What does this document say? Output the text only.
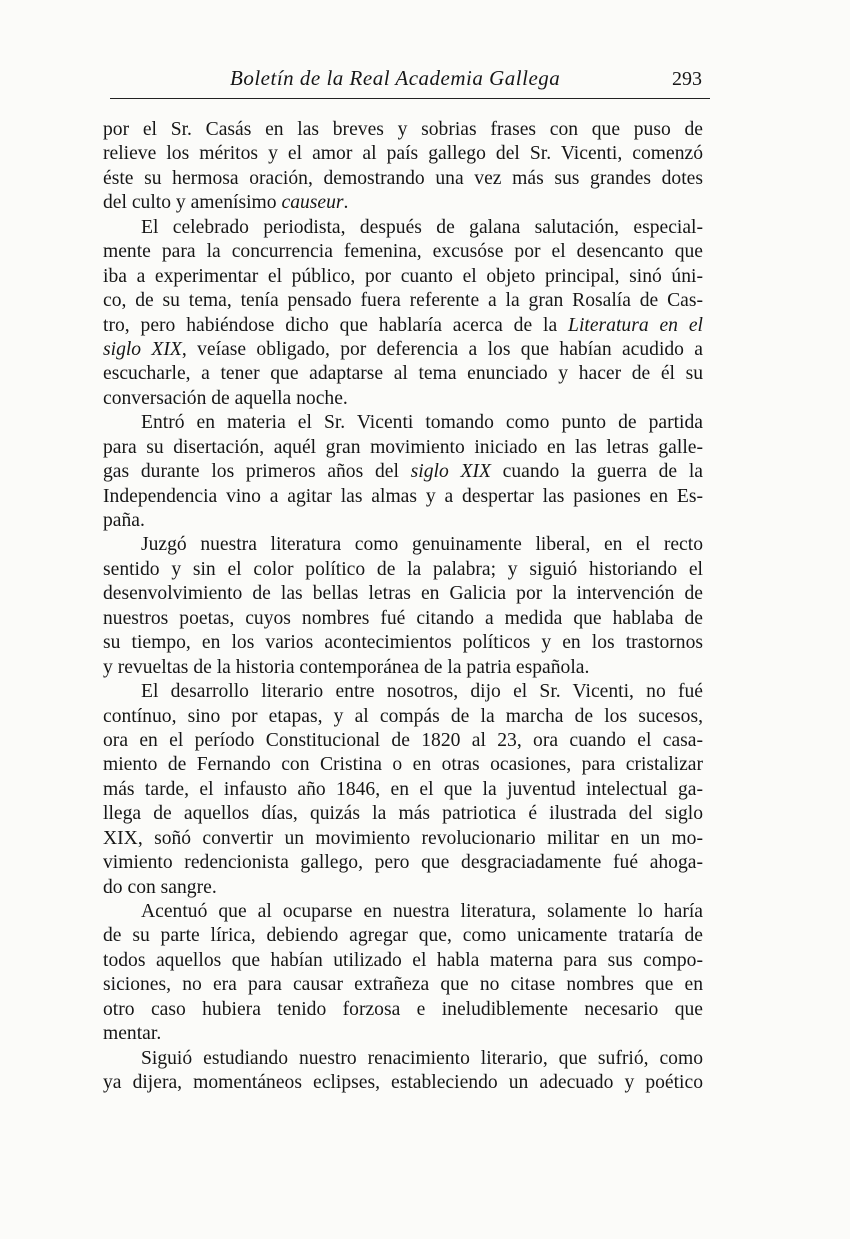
Boletín de la Real Academia Gallega	293

por el Sr. Casás en las breves y sobrias frases con que puso de
relieve los méritos y el amor al país gallego del Sr. Vicenti, comenzó
éste su hermosa oración, demostrando una vez más sus grandes dotes
del culto y amenísimo causeur.

El celebrado periodista, después de galana salutación, especial-
mente para la concurrencia femenina, excusóse por el desencanto que
iba a experimentar el público, por cuanto el objeto principal, sinó úni-
co, de su tema, tenía pensado fuera referente a la gran Rosalía de Cas-
tro, pero habiéndose dicho que hablaría acerca de la Literatura en el
siglo XIX, veíase obligado, por deferencia a los que habían acudido a
escucharle, a tener que adaptarse al tema enunciado y hacer de él su
conversación de aquella noche.

Entró en materia el Sr. Vicenti tomando como punto de partida
para su disertación, aquél gran movimiento iniciado en las letras galle-
gas durante los primeros años del siglo XIX cuando la guerra de la
Independencia vino a agitar las almas y a despertar las pasiones en Es-
paña.

Juzgó nuestra literatura como genuinamente liberal, en el recto
sentido y sin el color político de la palabra; y siguió historiando el
desenvolvimiento de las bellas letras en Galicia por la intervención de
nuestros poetas, cuyos nombres fué citando a medida que hablaba de
su tiempo, en los varios acontecimientos políticos y en los trastornos
y revueltas de la historia contemporánea de la patria española.

El desarrollo literario entre nosotros, dijo el Sr. Vicenti, no fué
contínuo, sino por etapas, y al compás de la marcha de los sucesos,
ora en el período Constitucional de 1820 al 23, ora cuando el casa-
miento de Fernando con Cristina o en otras ocasiones, para cristalizar
más tarde, el infausto año 1846, en el que la juventud intelectual ga-
llega de aquellos días, quizás la más patriotica é ilustrada del siglo
XIX, soñó convertir un movimiento revolucionario militar en un mo-
vimiento redencionista gallego, pero que desgraciadamente fué ahoga-
do con sangre.

Acentuó que al ocuparse en nuestra literatura, solamente lo haría
de su parte lírica, debiendo agregar que, como unicamente trataría de
todos aquellos que habían utilizado el habla materna para sus compo-
siciones, no era para causar extrañeza que no citase nombres que en
otro caso hubiera tenido forzosa e ineludiblemente necesario que
mentar.

Siguió estudiando nuestro renacimiento literario, que sufrió, como
ya dijera, momentáneos eclipses, estableciendo un adecuado y poético
